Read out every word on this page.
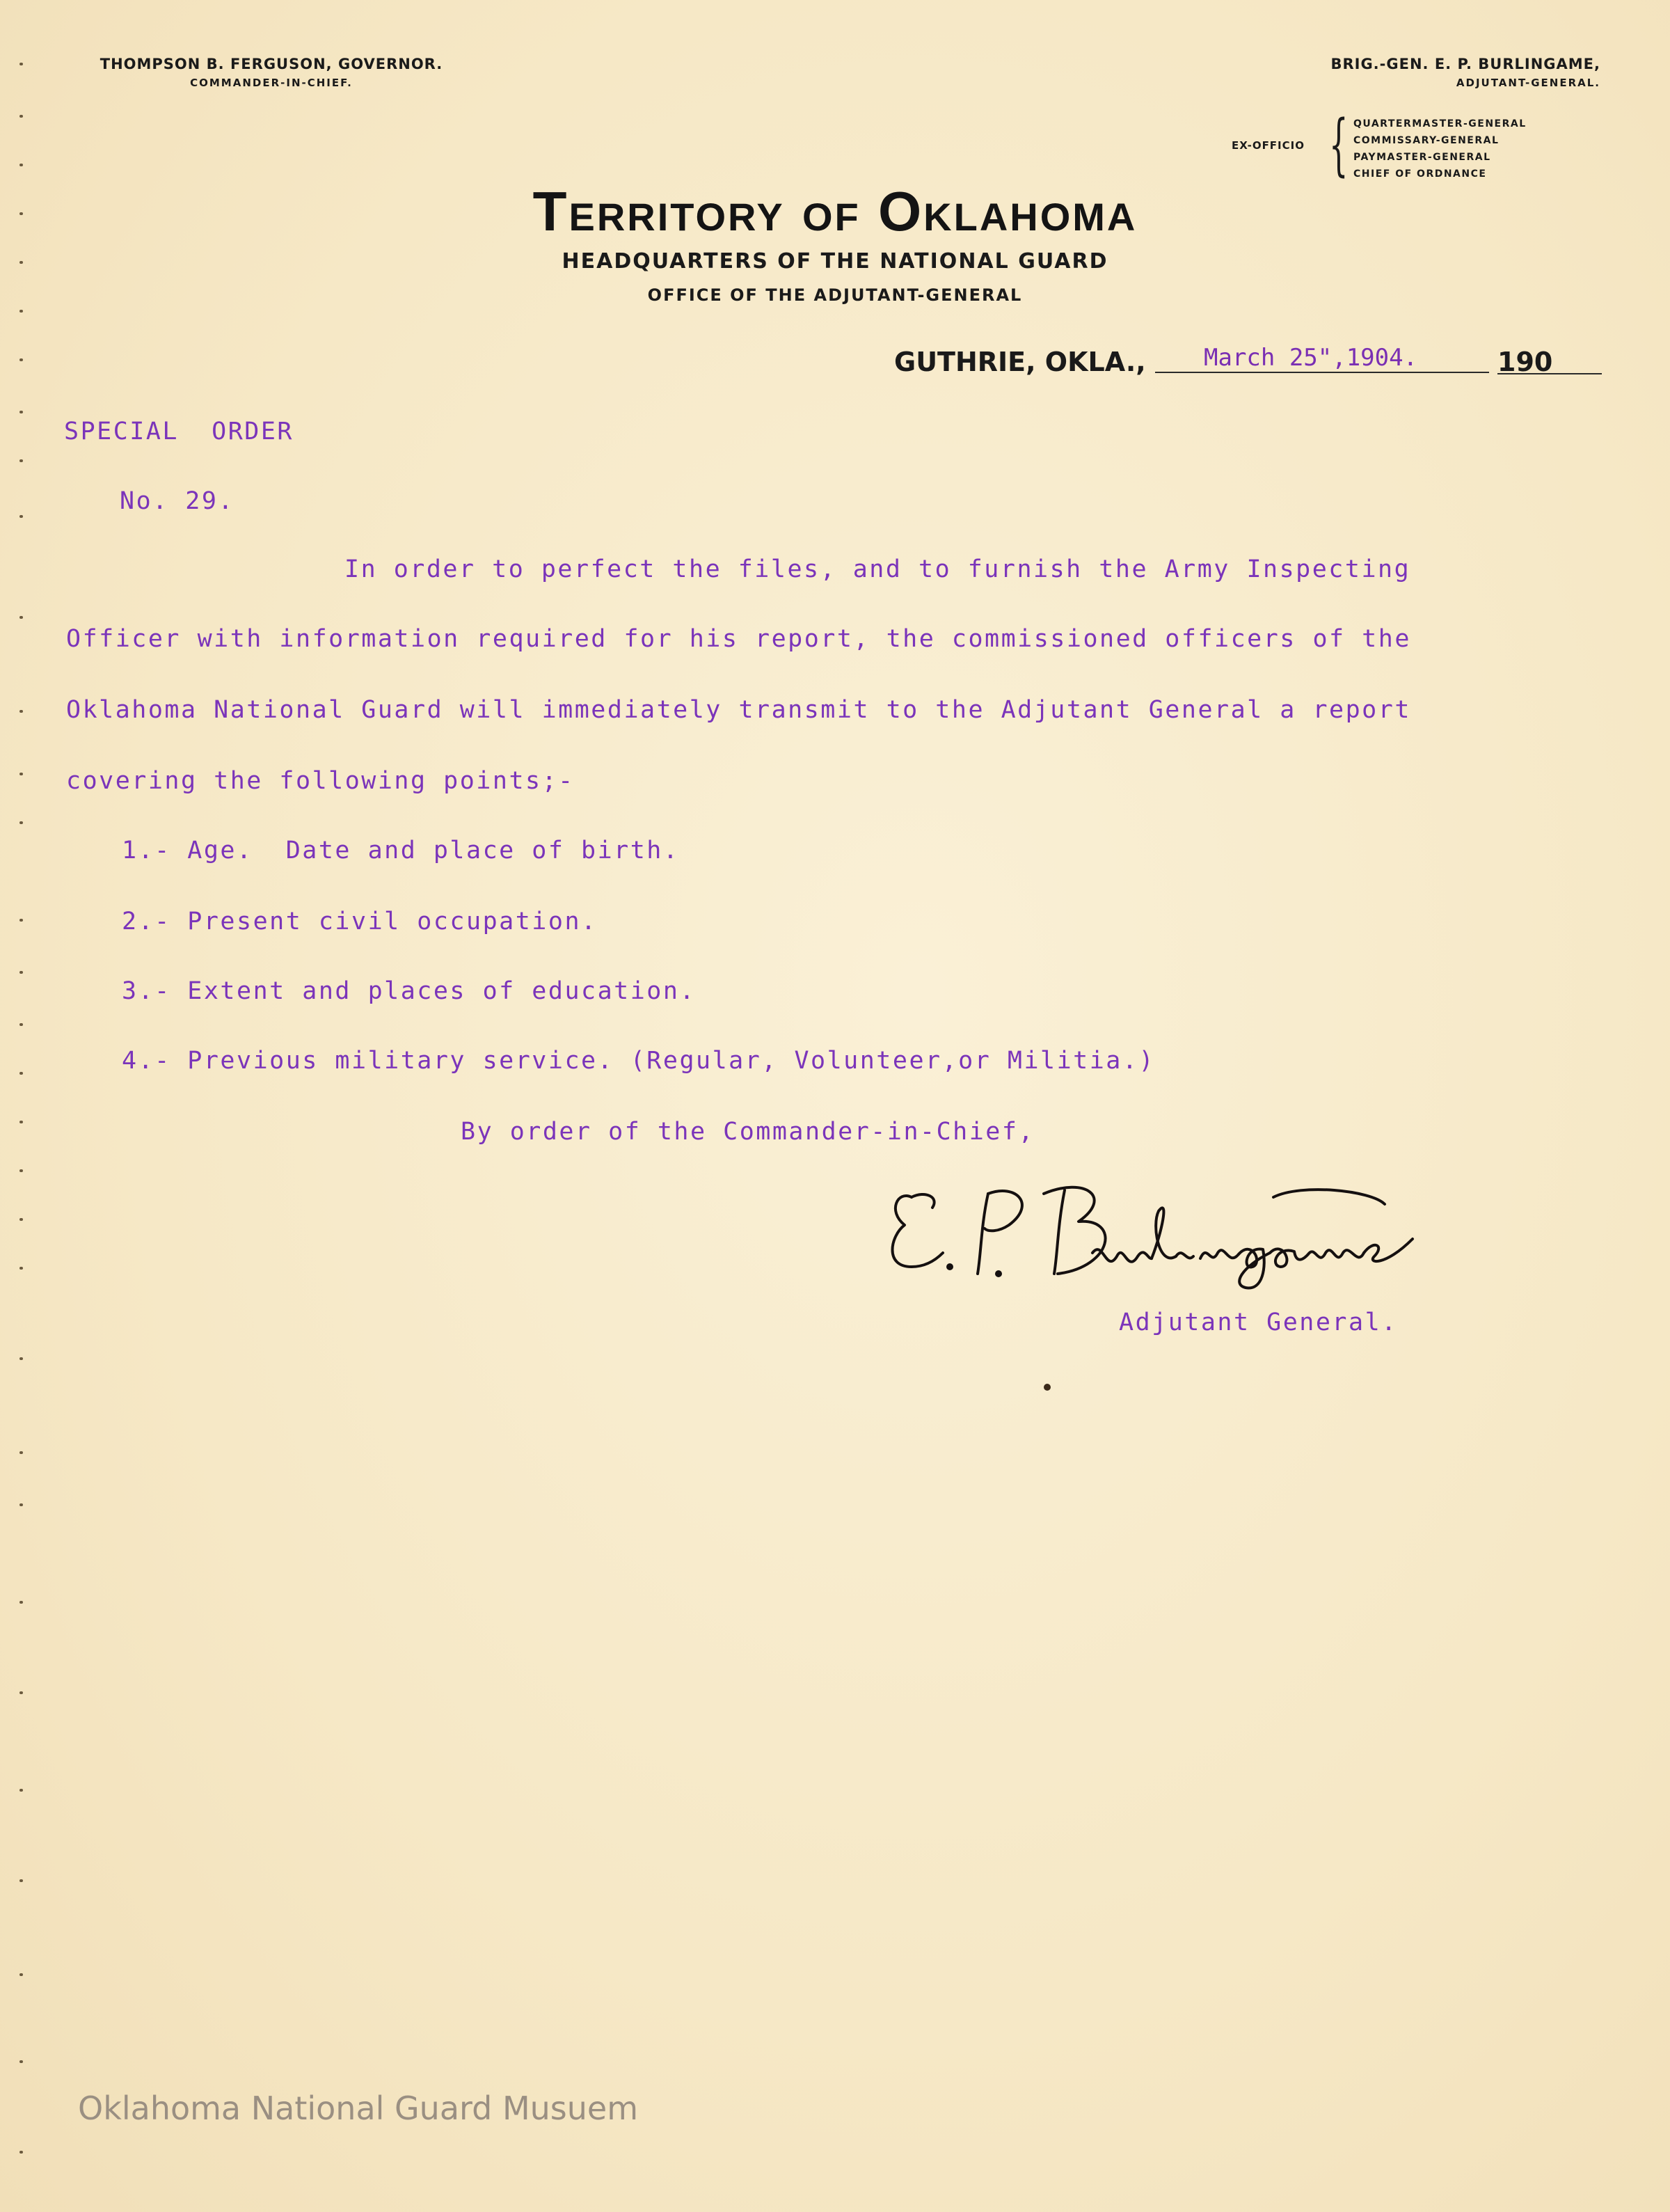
THOMPSON B. FERGUSON, GOVERNOR.
COMMANDER-IN-CHIEF.
BRIG.-GEN. E. P. BURLINGAME,
ADJUTANT-GENERAL.
EX-OFFICIO { QUARTERMASTER-GENERAL
COMMISSARY-GENERAL
PAYMASTER-GENERAL
CHIEF OF ORDNANCE
Territory of Oklahoma
HEADQUARTERS OF THE NATIONAL GUARD
OFFICE OF THE ADJUTANT-GENERAL
GUTHRIE, OKLA., March 25",1904.	190
SPECIAL  ORDER
No. 29.
In order to perfect the files, and to furnish the Army Inspecting
Officer with information required for his report, the commissioned officers of the
Oklahoma National Guard will immediately transmit to the Adjutant General a report
covering the following points;-
1.- Age.  Date and place of birth.
2.- Present civil occupation.
3.- Extent and places of education.
4.- Previous military service. (Regular, Volunteer,or Militia.)
By order of the Commander-in-Chief,
Adjutant General.
Oklahoma National Guard Musuem
